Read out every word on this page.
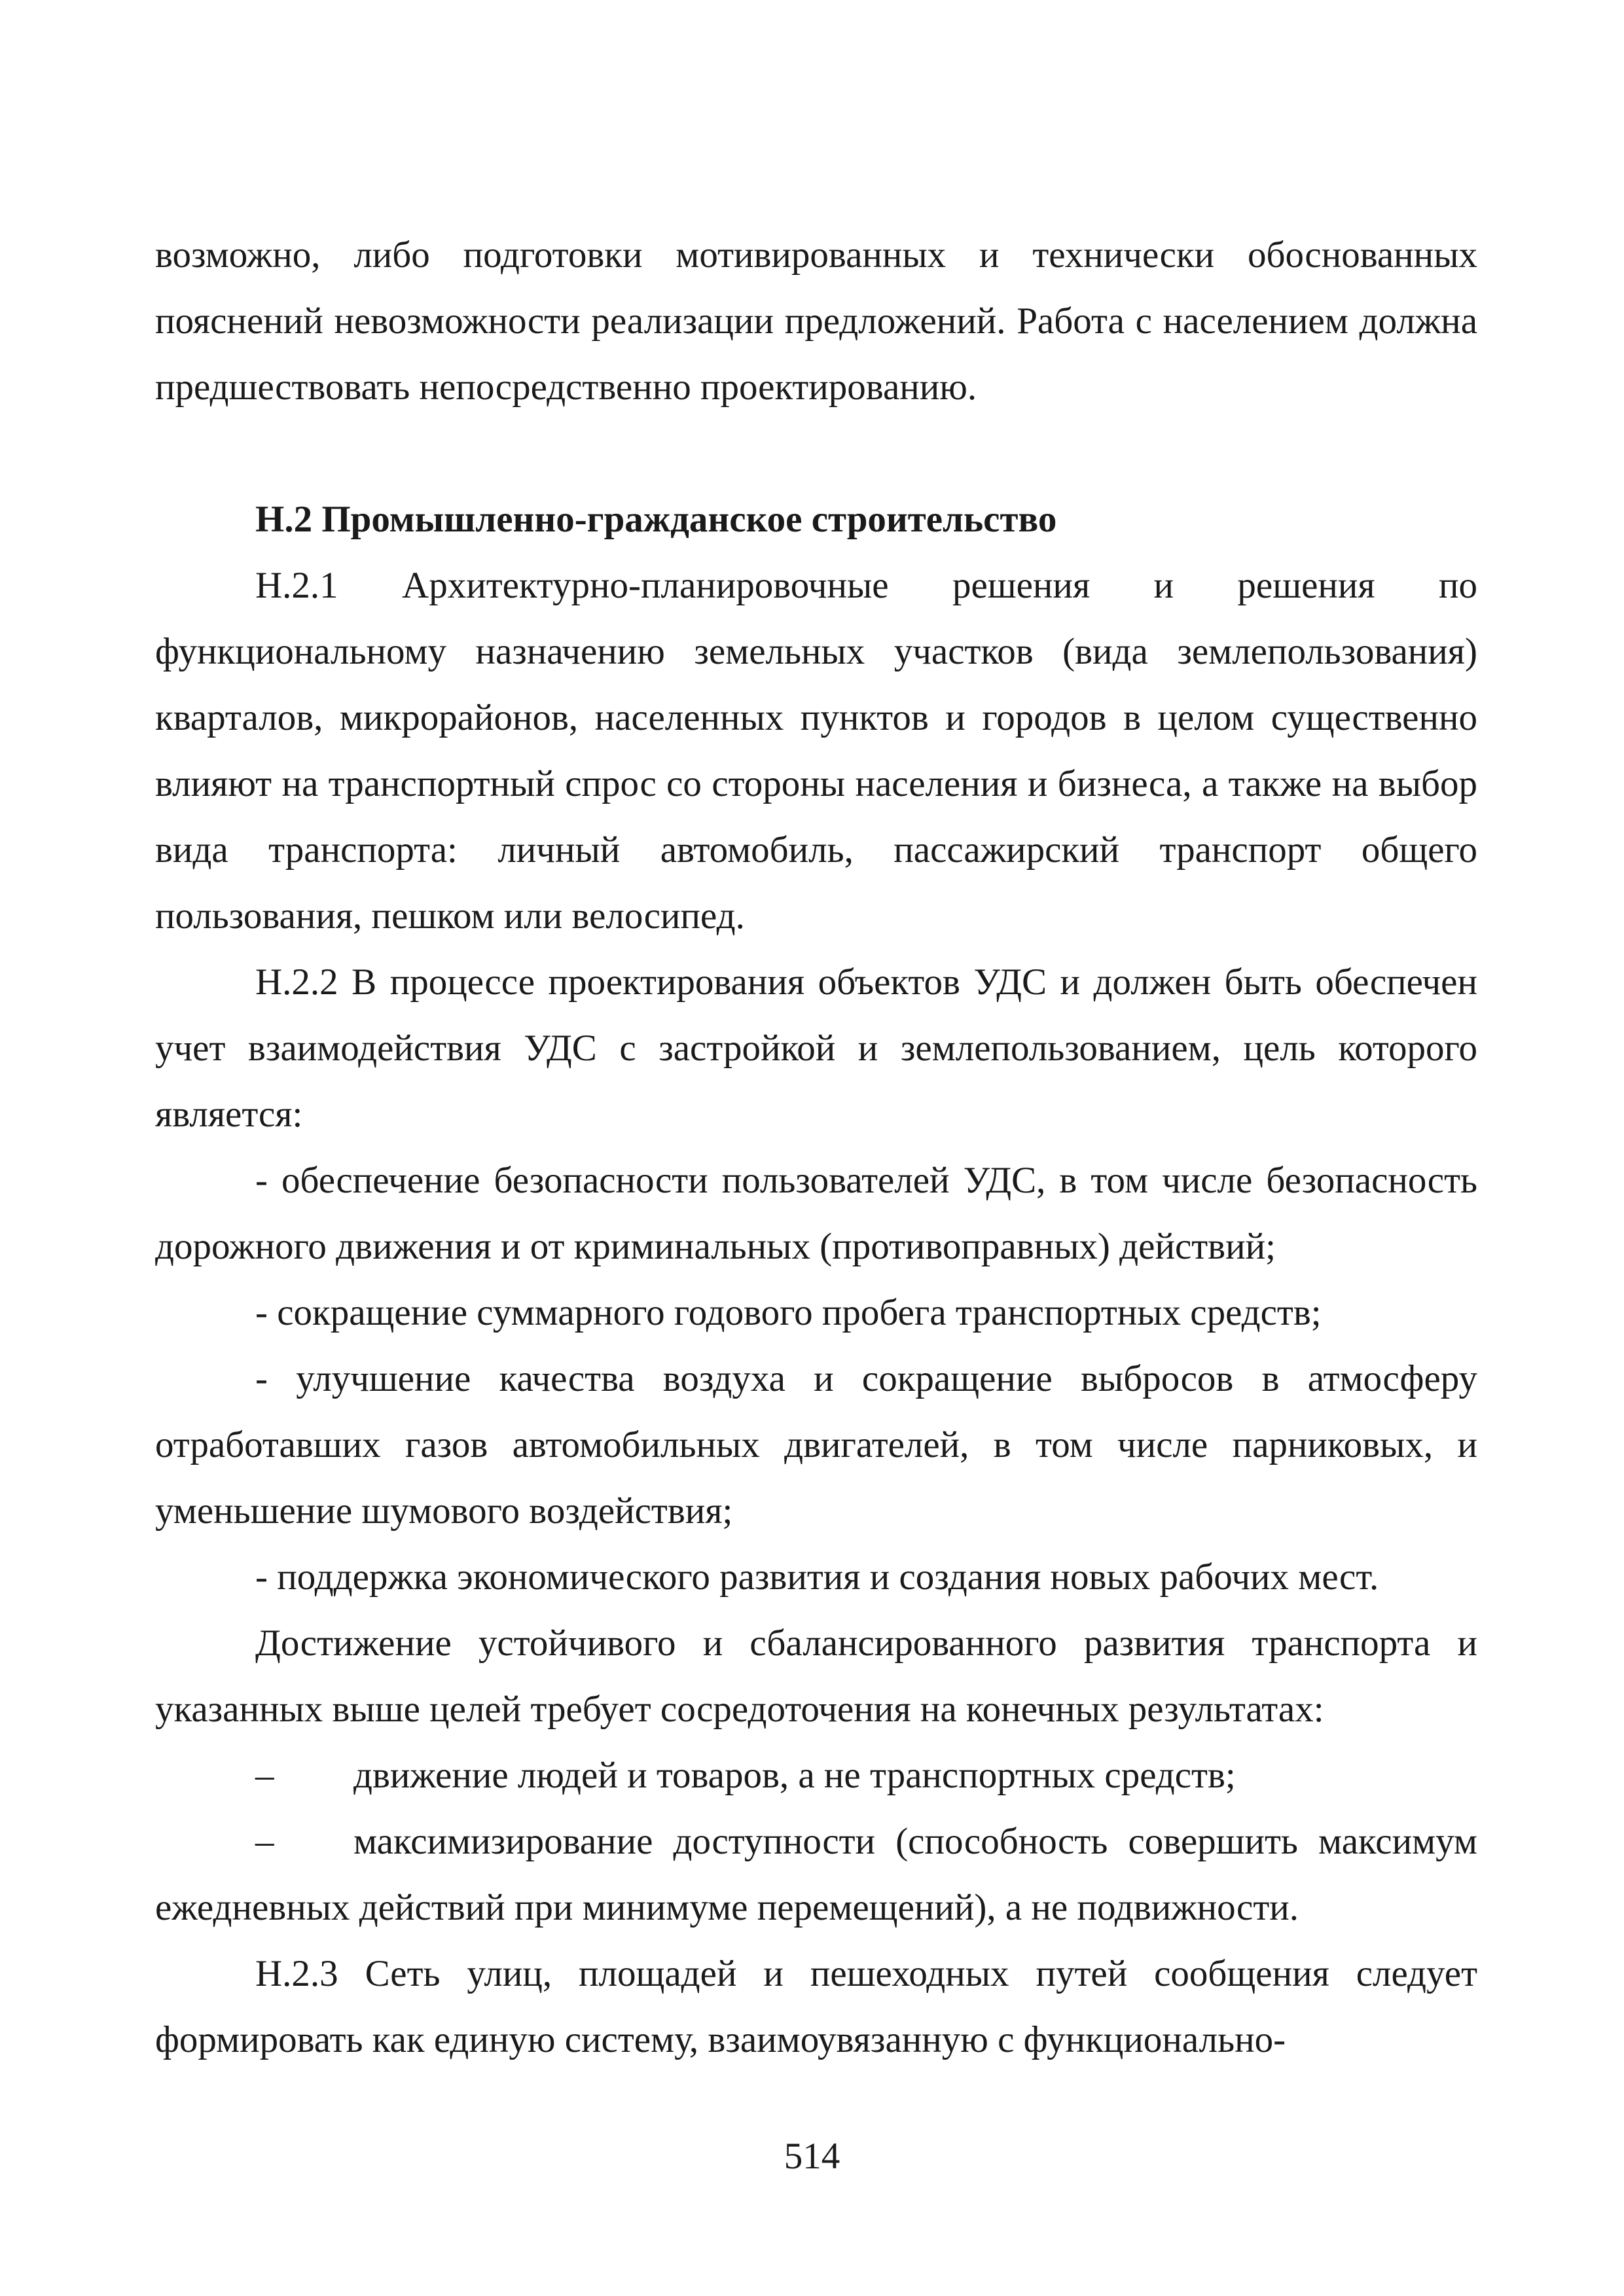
возможно, либо подготовки мотивированных и технически обоснованных пояснений невозможности реализации предложений. Работа с населением должна предшествовать непосредственно проектированию.

Н.2 Промышленно-гражданское строительство

Н.2.1 Архитектурно-планировочные решения и решения по функциональному назначению земельных участков (вида землепользования) кварталов, микрорайонов, населенных пунктов и городов в целом существенно влияют на транспортный спрос со стороны населения и бизнеса, а также на выбор вида транспорта: личный автомобиль, пассажирский транспорт общего пользования, пешком или велосипед.

Н.2.2 В процессе проектирования объектов УДС и должен быть обеспечен учет взаимодействия УДС с застройкой и землепользованием, цель которого является:

- обеспечение безопасности пользователей УДС, в том числе безопасность дорожного движения и от криминальных (противоправных) действий;

- сокращение суммарного годового пробега транспортных средств;

- улучшение качества воздуха и сокращение выбросов в атмосферу отработавших газов автомобильных двигателей, в том числе парниковых, и уменьшение шумового воздействия;

- поддержка экономического развития и создания новых рабочих мест.

Достижение устойчивого и сбалансированного развития транспорта и указанных выше целей требует сосредоточения на конечных результатах:

– движение людей и товаров, а не транспортных средств;

– максимизирование доступности (способность совершить максимум ежедневных действий при минимуме перемещений), а не подвижности.

Н.2.3 Сеть улиц, площадей и пешеходных путей сообщения следует формировать как единую систему, взаимоувязанную с функционально-

514
